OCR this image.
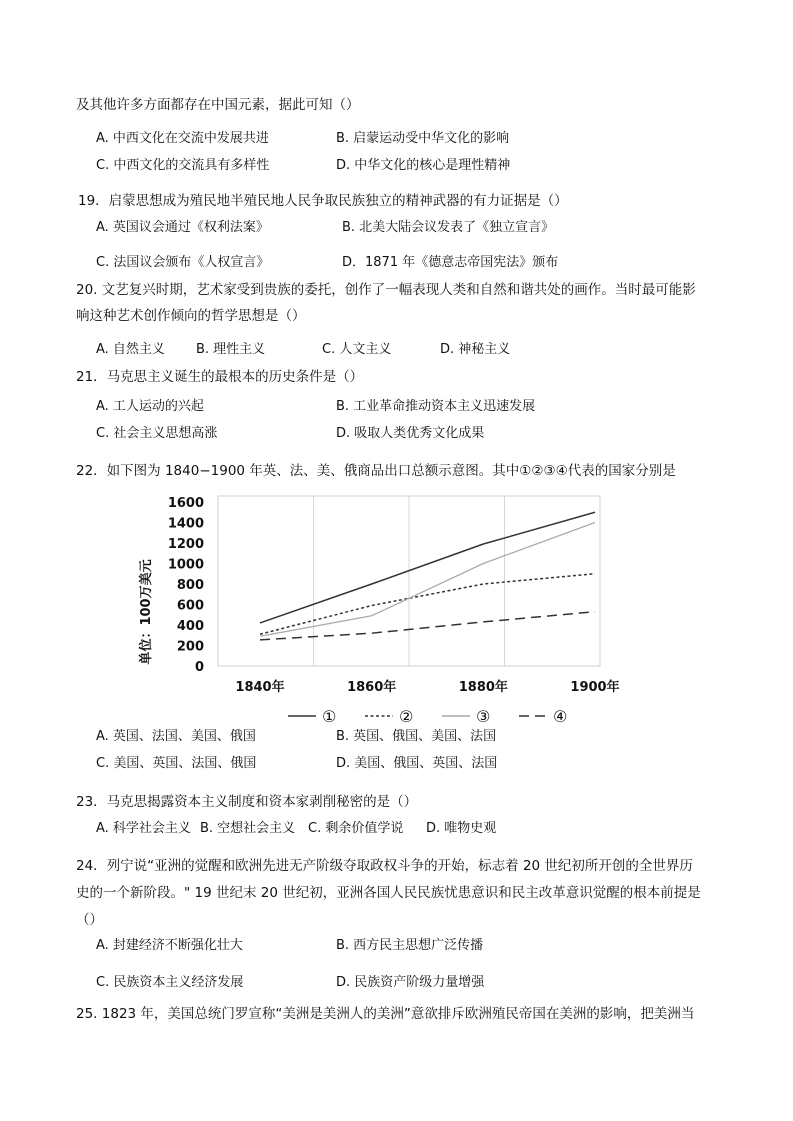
及其他许多方面都存在中国元素，据此可知（）
A. 中西文化在交流中发展共进	B. 启蒙运动受中华文化的影响
C. 中西文化的交流具有多样性	D. 中华文化的核心是理性精神
19．启蒙思想成为殖民地半殖民地人民争取民族独立的精神武器的有力证据是（）
A. 英国议会通过《权利法案》	B. 北美大陆会议发表了《独立宣言》
C. 法国议会颁布《人权宣言》	D．1871 年《德意志帝国宪法》颁布
20. 文艺复兴时期，艺术家受到贵族的委托，创作了一幅表现人类和自然和谐共处的画作。当时最可能影
响这种艺术创作倾向的哲学思想是（）
A. 自然主义 B. 理性主义	C. 人文主义	D. 神秘主义
21．马克思主义诞生的最根本的历史条件是（）
A. 工人运动的兴起	B. 工业革命推动资本主义迅速发展
C. 社会主义思想高涨	D. 吸取人类优秀文化成果
22．如下图为 1840−1900 年英、法、美、俄商品出口总额示意图。其中①②③④代表的国家分别是
0
200
400
600
800
1000
1200
1400
1600
1840年	1860年	1880年	1900年
单位：100万美元
①	②	③	④
A. 英国、法国、美国、俄国	B. 英国、俄国、美国、法国
C. 美国、英国、法国、俄国	D. 美国、俄国、英国、法国
23．马克思揭露资本主义制度和资本家剥削秘密的是（）
A. 科学社会主义 B. 空想社会主义 C. 剩余价值学说 D. 唯物史观
24．列宁说“亚洲的觉醒和欧洲先进无产阶级夺取政权斗争的开始，标志着 20 世纪初所开创的全世界历
史的一个新阶段。" 19 世纪末 20 世纪初，亚洲各国人民民族忧患意识和民主改革意识觉醒的根本前提是
（）
A. 封建经济不断强化壮大	B. 西方民主思想广泛传播
C. 民族资本主义经济发展	D. 民族资产阶级力量增强
25. 1823 年，美国总统门罗宣称“美洲是美洲人的美洲”意欲排斥欧洲殖民帝国在美洲的影响，把美洲当
